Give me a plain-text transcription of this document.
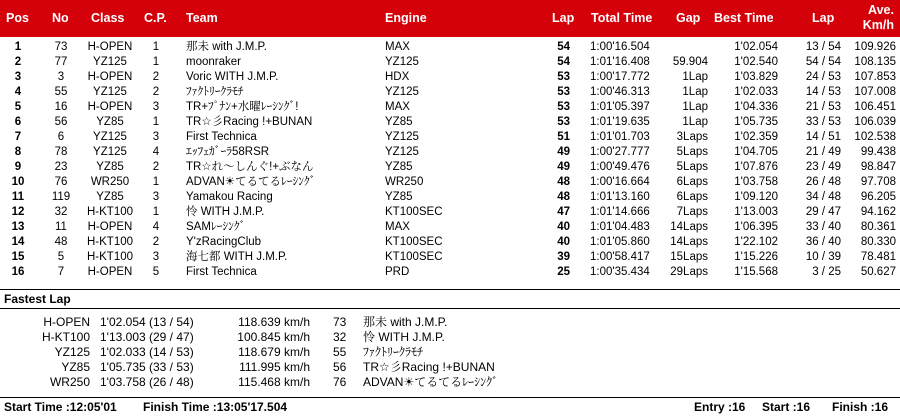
Pos No Class C.P. Team	Engine	Lap Total Time Gap Best Time	Lap
Ave.
Km/h
1	73	H-OPEN	1	那未 with J.M.P.	MAX	54 1:00'16.504	1'02.054	13 / 54	109.926
2	77	YZ125	1	moonraker	YZ125	54 1:01'16.408	59.904	1'02.540	54 / 54	108.135
3	3	H-OPEN	2	Voric WITH J.M.P.	HDX	53 1:00'17.772	1Lap	1'03.829	24 / 53	107.853
4	55	YZ125	2	ﾌｧｸﾄﾘｰｸﾗﾓﾁ	YZ125	53 1:00'46.313	1Lap	1'02.033	14 / 53	107.008
5	16	H-OPEN	3	TR+ﾌﾟﾅﾝ+水曜ﾚｰｼﾝｸﾞ!	MAX	53 1:01'05.397	1Lap	1'04.336	21 / 53	106.451
6	56	YZ85	1	TR☆彡Racing !+BUNAN	YZ85	53 1:01'19.635	1Lap	1'05.735	33 / 53	106.039
7	6	YZ125	3	First Technica	YZ125	51 1:01'01.703	3Laps	1'02.359	14 / 51	102.538
8	78	YZ125	4	ｴｯﾌｪｶﾞｰﾗ58RSR	YZ125	49 1:00'27.777	5Laps	1'04.705	21 / 49	99.438
9	23	YZ85	2	TR☆れ～しんぐ!+ぶなん	YZ85	49 1:00'49.476	5Laps	1'07.876	23 / 49	98.847
10	76	WR250	1	ADVAN☀てるてるﾚｰｼﾝｸﾞ	WR250	48 1:00'16.664	6Laps	1'03.758	26 / 48	97.708
11	119	YZ85	3	Yamakou Racing	YZ85	48 1:01'13.160	6Laps	1'09.120	34 / 48	96.205
12	32	H-KT100	1	怜 WITH J.M.P.	KT100SEC	47 1:01'14.666	7Laps	1'13.003	29 / 47	94.162
13	11	H-OPEN	4	SAMﾚｰｼﾝｸﾞ	MAX	40 1:01'04.483	14Laps	1'06.395	33 / 40	80.361
14	48	H-KT100	2	Y'zRacingClub	KT100SEC	40 1:01'05.860	14Laps	1'22.102	36 / 40	80.330
15	5	H-KT100	3	海七都 WITH J.M.P.	KT100SEC	39 1:00'58.417	15Laps	1'15.226	10 / 39	78.481
16	7	H-OPEN	5	First Technica	PRD	25 1:00'35.434	29Laps	1'15.568	3 / 25	50.627
Fastest Lap
H-OPEN 1'02.054 (13 / 54)	118.639 km/h 73	那未 with J.M.P.
H-KT100 1'13.003 (29 / 47)	100.845 km/h 32	怜 WITH J.M.P.
YZ125 1'02.033 (14 / 53)	118.679 km/h 55	ﾌｧｸﾄﾘｰｸﾗﾓﾁ
YZ85 1'05.735 (33 / 53)	111.995 km/h 56	TR☆彡Racing !+BUNAN
WR250 1'03.758 (26 / 48)	115.468 km/h 76	ADVAN☀てるてるﾚｰｼﾝｸﾞ
Start Time :12:05'01 Finish Time :13:05'17.504	Entry :16 Start :16 Finish :16
